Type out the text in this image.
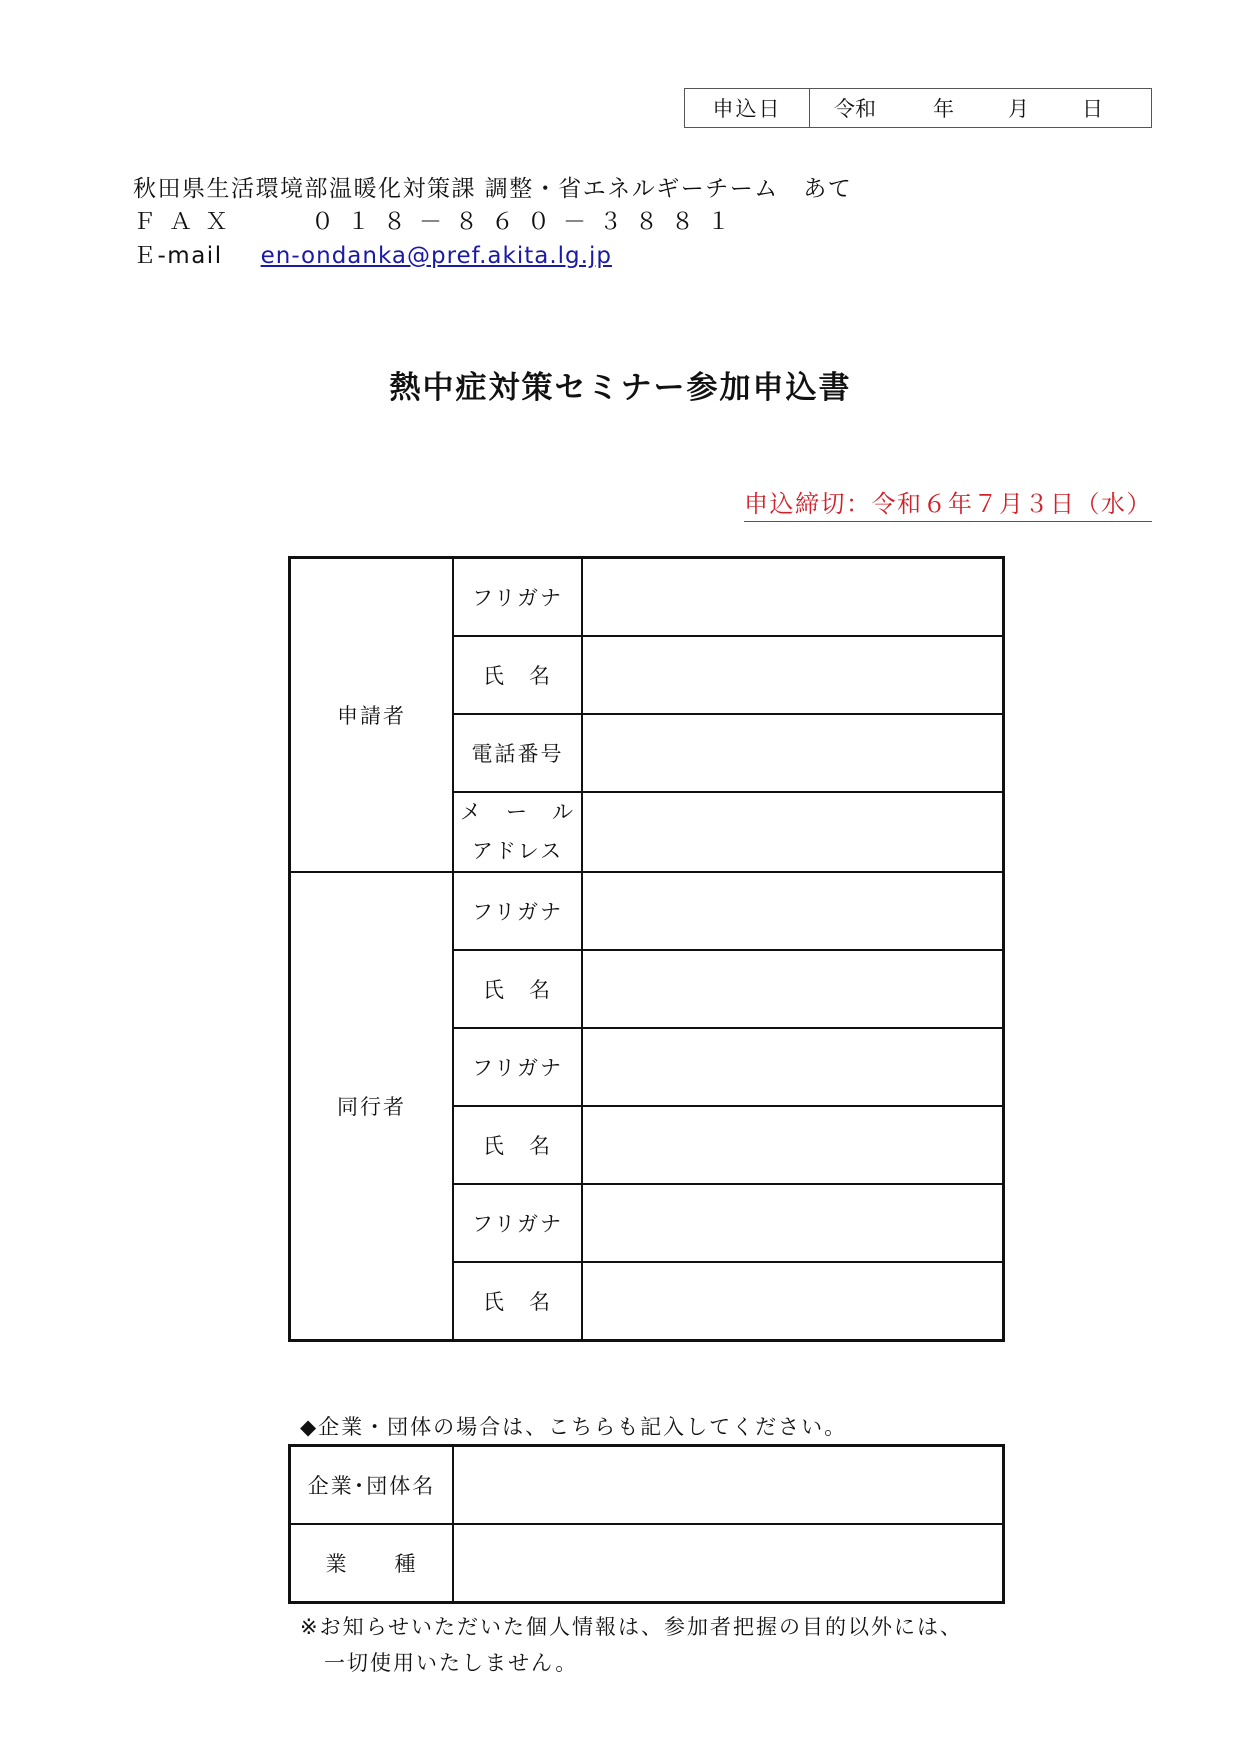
申込日	令和	年	月	日
秋田県生活環境部温暖化対策課 調整・省エネルギーチーム　あて
ＦＡＸ	０１８－８６０－３８８１
Ｅ-mail en-ondanka@pref.akita.lg.jp
熱中症対策セミナー参加申込書
申込締切：令和６年７月３日（水）
申請者	フリガナ	
	氏　名	
	電話番号	

	メ　ー　ル
アドレス	

同行者	フリガナ	
	氏　名	
	フリガナ	
	氏　名	
	フリガナ	
	氏　名	
◆企業・団体の場合は、こちらも記入してください。
企業･団体名	
業　　種	
※お知らせいただいた個人情報は、参加者把握の目的以外には、
一切使用いたしません。
